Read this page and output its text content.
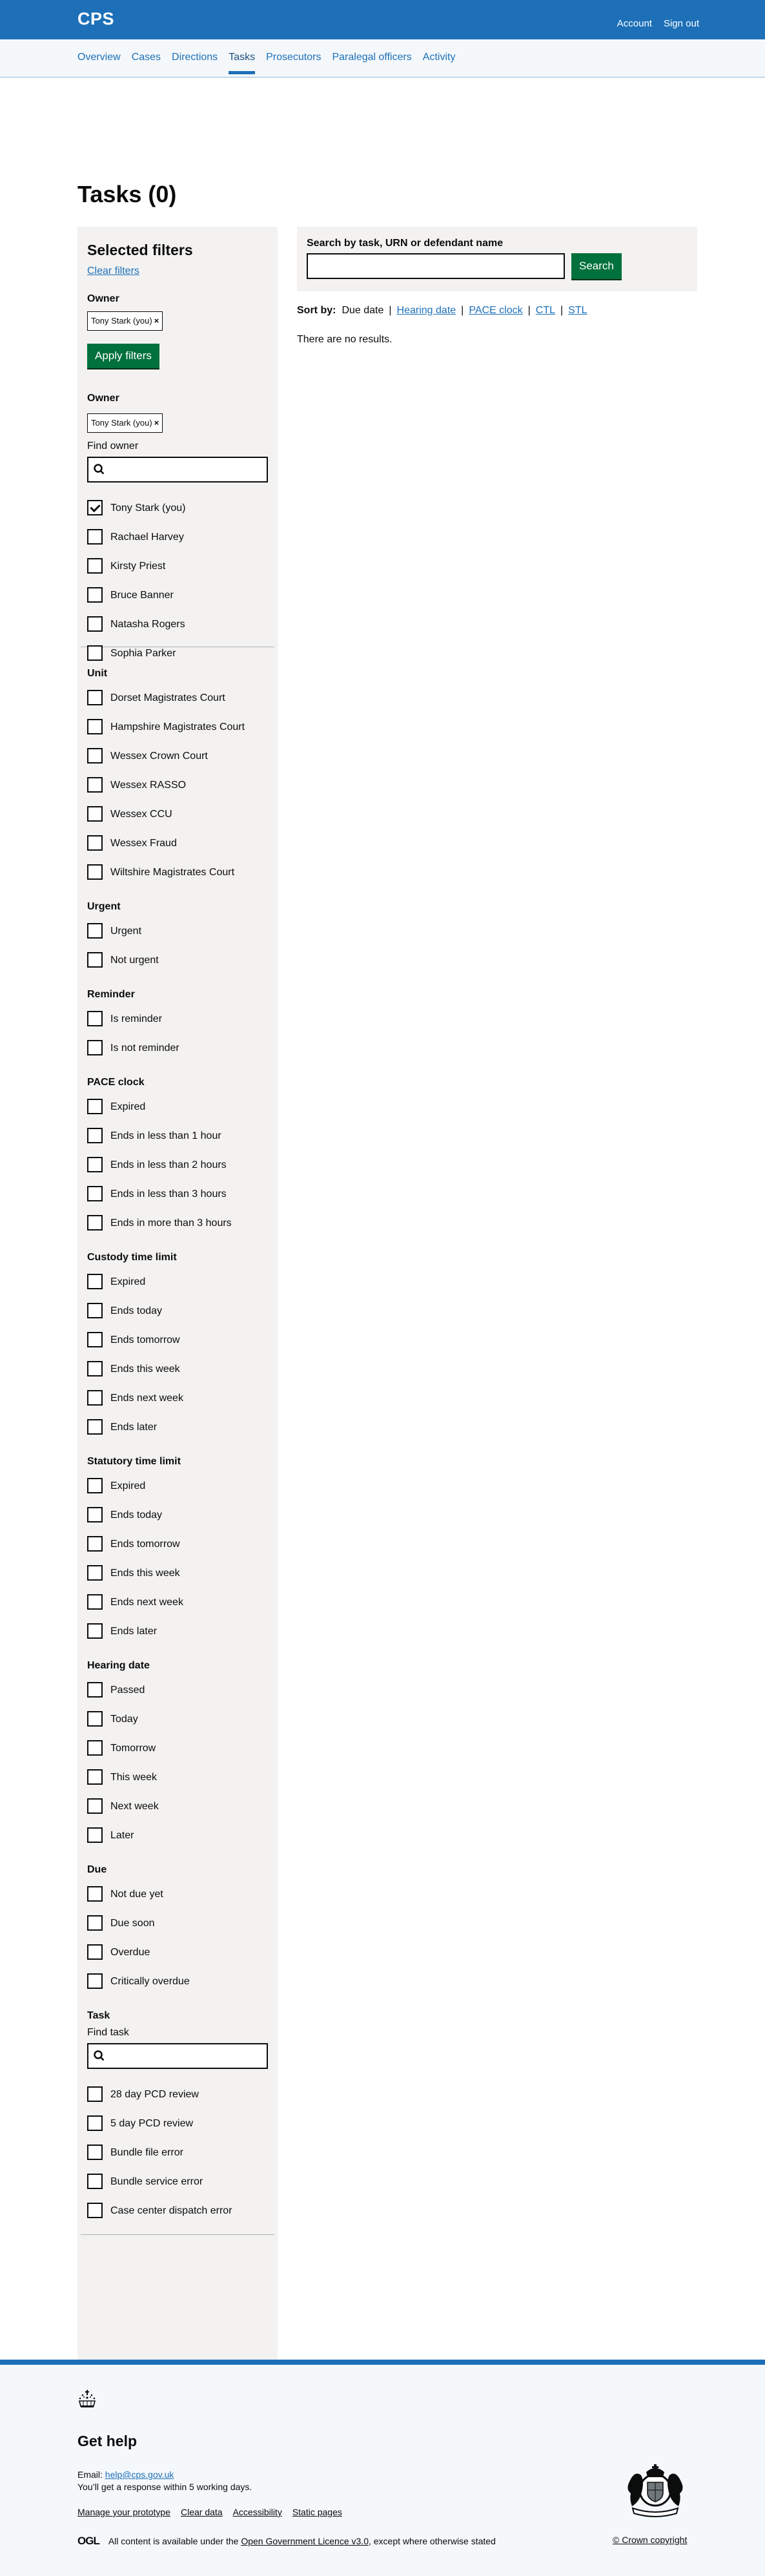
CPS	Account Sign out
Overview Cases Directions Tasks Prosecutors Paralegal officers Activity
Tasks (0)
Selected filters
Clear filters
Owner
Tony Stark (you) ×
Apply filters
Owner
Tony Stark (you) ×
Find owner
Tony Stark (you)
Rachael Harvey
Kirsty Priest
Bruce Banner
Natasha Rogers
Sophia Parker
Unit
Dorset Magistrates Court
Hampshire Magistrates Court
Wessex Crown Court
Wessex RASSO
Wessex CCU
Wessex Fraud
Wiltshire Magistrates Court
Urgent
Urgent
Not urgent
Reminder
Is reminder
Is not reminder
PACE clock
Expired
Ends in less than 1 hour
Ends in less than 2 hours
Ends in less than 3 hours
Ends in more than 3 hours
Custody time limit
Expired
Ends today
Ends tomorrow
Ends this week
Ends next week
Ends later
Statutory time limit
Expired
Ends today
Ends tomorrow
Ends this week
Ends next week
Ends later
Hearing date
Passed
Today
Tomorrow
This week
Next week
Later
Due
Not due yet
Due soon
Overdue
Critically overdue
Task
Find task
28 day PCD review
5 day PCD review
Bundle file error
Bundle service error
Case center dispatch error
Search by task, URN or defendant name
Search
Sort by: Due date | Hearing date | PACE clock | CTL | STL

There are no results.

Get help

Email: help@cps.gov.uk

You’ll get a response within 5 working days.

Manage your prototype Clear data Accessibility Static pages
OGL All content is available under the
Open Government Licence v3.0 , except where otherwise stated	© Crown copyright
